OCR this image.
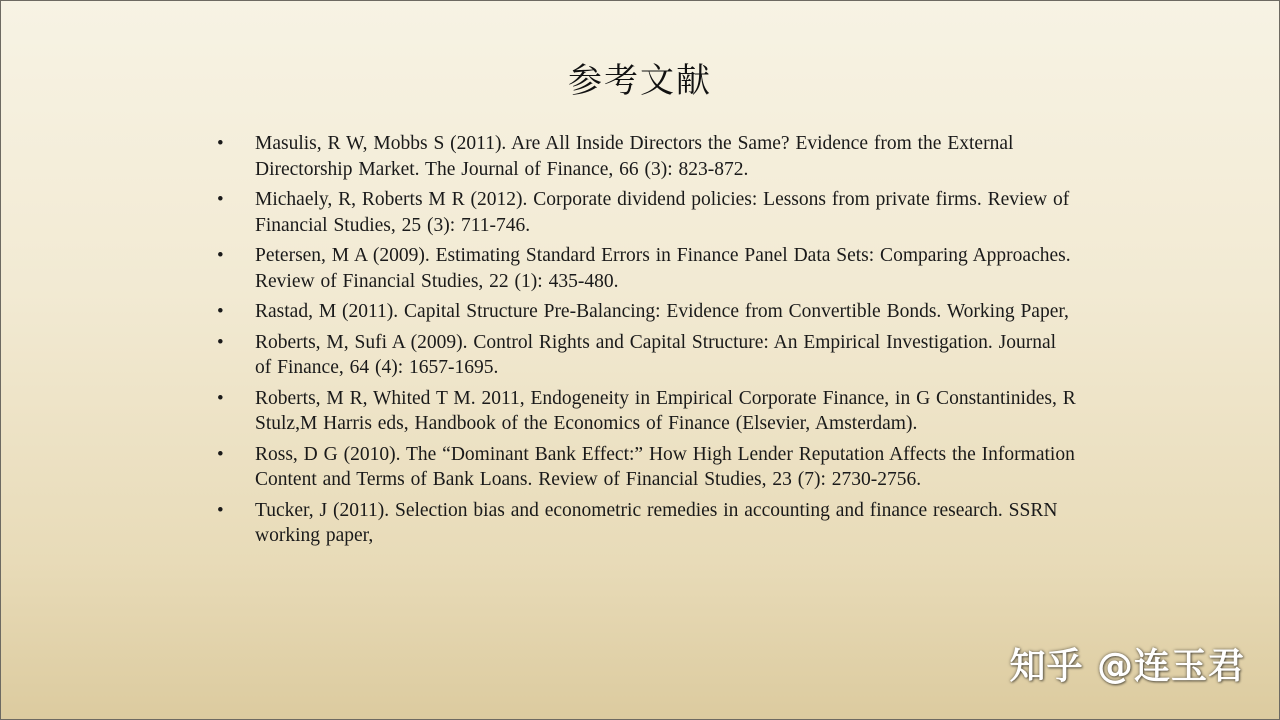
参考文献
• Masulis, R W, Mobbs S (2011). Are All Inside Directors the Same? Evidence from the External Directorship Market. The Journal of Finance, 66 (3): 823-872.
• Michaely, R, Roberts M R (2012). Corporate dividend policies: Lessons from private firms. Review of Financial Studies, 25 (3): 711-746.
• Petersen, M A (2009). Estimating Standard Errors in Finance Panel Data Sets: Comparing Approaches. Review of Financial Studies, 22 (1): 435-480.
• Rastad, M (2011). Capital Structure Pre-Balancing: Evidence from Convertible Bonds. Working Paper,
• Roberts, M, Sufi A (2009). Control Rights and Capital Structure: An Empirical Investigation. Journal of Finance, 64 (4): 1657-1695.
• Roberts, M R, Whited T M. 2011, Endogeneity in Empirical Corporate Finance, in G Constantinides, R Stulz,M Harris eds, Handbook of the Economics of Finance (Elsevier, Amsterdam).
• Ross, D G (2010). The “Dominant Bank Effect:” How High Lender Reputation Affects the Information Content and Terms of Bank Loans. Review of Financial Studies, 23 (7): 2730-2756.
• Tucker, J (2011). Selection bias and econometric remedies in accounting and finance research. SSRN working paper,
知乎 @连玉君
